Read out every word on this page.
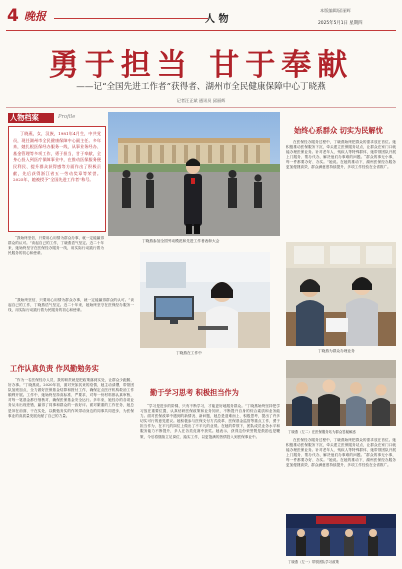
4 晚报	人 物
本版编辑/邱丽辉
2025年5月1日 星期四
勇于担当 甘于奉献
——记“全国先进工作者”获得者、湖州市全民健康保障中心丁晓燕
记者汪正斌 通讯员 邱丽辉
人物档案	Profile

丁晓燕，女，汉族，1981年4月生，中共党员，现任湖州市全民健康保障中心副主任。多年来，她扎根医保经办服务一线，从事业务经办、基金管理等多项工作，勇于担当，甘于奉献，全身心投入到医疗保障事业中，在推动医保服务便民利民、提升群众获得感等方面作出了积极贡献，先后获得浙江省五一劳动奖章等荣誉。2025年，她被授予“全国先进工作者”称号。

“我始终坚信，只要用心用情为群众办事，就一定能赢得群众的认可。”谈起自己的工作，丁晓燕语气坚定。近二十年来，她始终坚守在医保经办服务一线，用实际行动践行着为民服务的初心和使命。

丁晓燕参加全国劳动模范和先进工作者表彰大会
始终心系群众 切实为民解忧

在医保经办服务过程中，丁晓燕始终把群众的需求放在首位。她积极推动医保服务下沉，牵头建立医保服务站点，让群众在家门口就能办理医保业务。针对老年人、残疾人等特殊群体，她带领团队开展上门服务、帮办代办，解决他们办事难的问题。“群众的事无小事，每一件都要办好、办实。”她说。在她的推动下，湖州医保经办服务更加便捷高效，群众满意度持续提升，多项工作经验在全省推广。

丁晓燕在工作中	丁晓燕为群众办理业务

“我始终坚信，只要用心用情为群众办事，就一定能赢得群众的认可。”谈起自己的工作，丁晓燕语气坚定。近二十年来，她始终坚守在医保经办服务一线，用实际行动践行着为民服务的初心和使命。

工作认真负责 作风勤勉务实

“作为一名医保经办人员，我的职责就是把政策落到实处，让群众少跑腿、好办事。”丁晓燕说。2020年初，面对突如其来的疫情，她主动请缨，带领团队加班加点，全力做好医保基金结算和拨付工作，确保定点医疗机构救治工作顺利开展。工作中，她始终坚持高标准、严要求，对每一份材料都认真审核，对每一笔基金都仔细核对，确保医保基金安全运行。多年来，她经办的各项业务从未出现差错，赢得了同事和群众的一致好评。面对繁重的工作任务，她总是冲在前面、干在实处，以勤勉务实的作风带动身边的同事共同进步，为医保事业的高质量发展贡献了自己的力量。

勤于学习思考 积极担当作为

“学习是进步的阶梯，只有不断学习，才能更好地服务群众。”丁晓燕始终坚持把学习放在重要位置，认真钻研医保政策和业务知识，不断提升自身的综合素质和业务能力。面对医保改革中遇到的新情况、新问题，她总是迎难而上、积极思考，提出了许多切实可行的意见建议。她积极参与医保支付方式改革、医保基金监管等重点工作，勇于担当作为，在平凡的岗位上做出了不平凡的业绩。在她的带领下，团队成员业务水平和服务能力不断提升，多人在各类竞赛中获奖。她表示，获得这份荣誉既是鼓励也是鞭策，今后将继续立足岗位、踏实工作，以更饱满的热情投入到医保事业中。

丁晓燕（左二）在医保服务站为群众答疑解惑

在医保经办服务过程中，丁晓燕始终把群众的需求放在首位。她积极推动医保服务下沉，牵头建立医保服务站点，让群众在家门口就能办理医保业务。针对老年人、残疾人等特殊群体，她带领团队开展上门服务、帮办代办，解决他们办事难的问题。“群众的事无小事，每一件都要办好、办实。”她说。在她的推动下，湖州医保经办服务更加便捷高效，群众满意度持续提升，多项工作经验在全省推广。

丁晓燕（左一）带领团队学习政策
